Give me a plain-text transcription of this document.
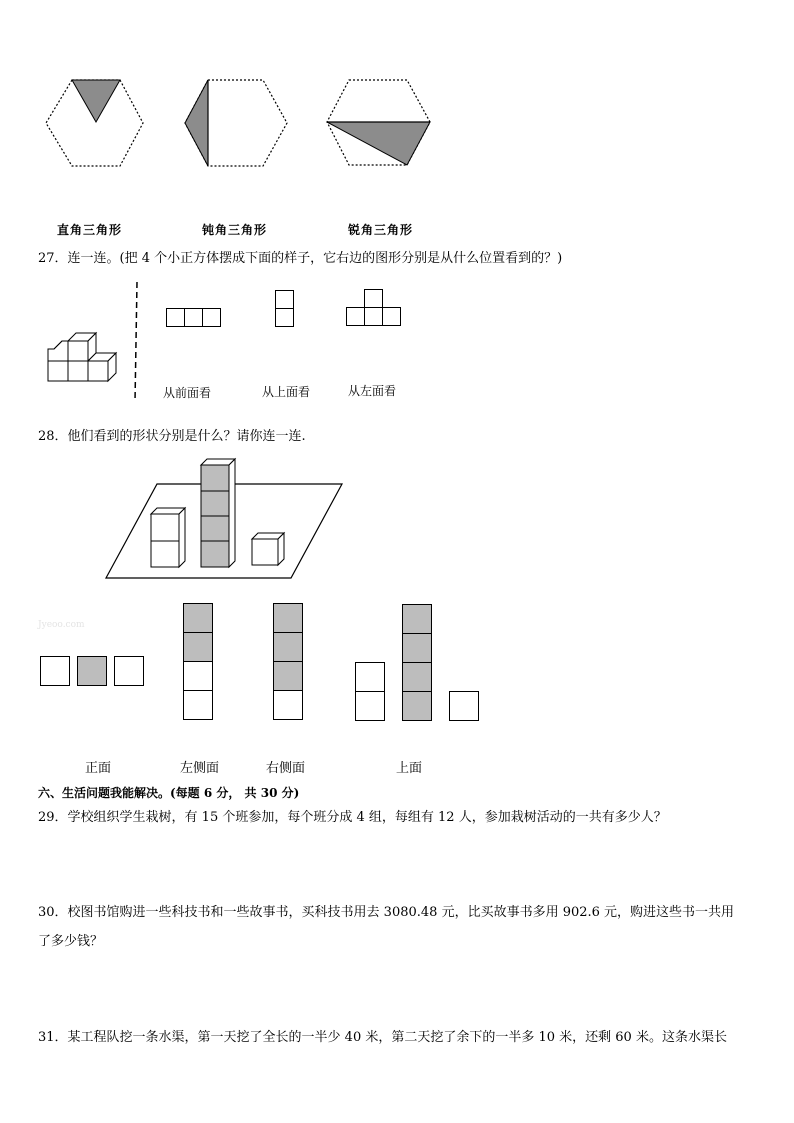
直角三角形	钝角三角形	锐角三角形
27．连一连。(把 4 个小正方体摆成下面的样子，它右边的图形分别是从什么位置看到的？)
从前面看	从上面看	从左面看
28．他们看到的形状分别是什么？请你连一连.
Jyeoo.com
正面	左侧面	右侧面	上面
六、生活问题我能解决。(每题 6 分， 共 30 分)
29．学校组织学生栽树，有 15 个班参加，每个班分成 4 组，每组有 12 人，参加栽树活动的一共有多少人？
30．校图书馆购进一些科技书和一些故事书，买科技书用去 3080.48 元，比买故事书多用 902.6 元，购进这些书一共用
了多少钱？
31．某工程队挖一条水渠，第一天挖了全长的一半少 40 米，第二天挖了余下的一半多 10 米，还剩 60 米。这条水渠长
